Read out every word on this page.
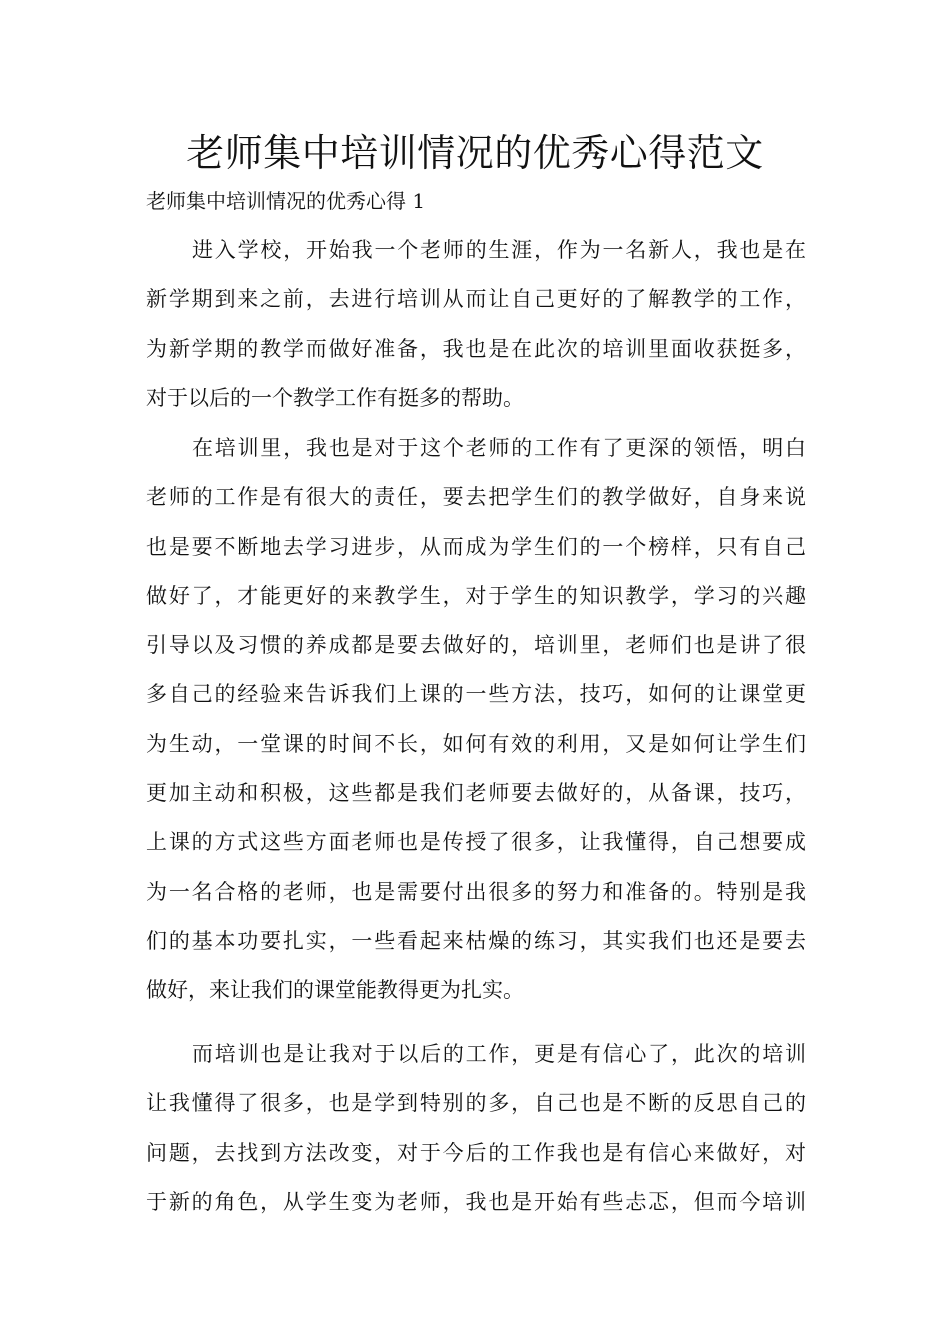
老师集中培训情况的优秀心得范文
老师集中培训情况的优秀心得 1
进入学校，开始我一个老师的生涯，作为一名新人，我也是在
新学期到来之前，去进行培训从而让自己更好的了解教学的工作，
为新学期的教学而做好准备，我也是在此次的培训里面收获挺多，
对于以后的一个教学工作有挺多的帮助。
在培训里，我也是对于这个老师的工作有了更深的领悟，明白
老师的工作是有很大的责任，要去把学生们的教学做好，自身来说
也是要不断地去学习进步，从而成为学生们的一个榜样，只有自己
做好了，才能更好的来教学生，对于学生的知识教学，学习的兴趣
引导以及习惯的养成都是要去做好的，培训里，老师们也是讲了很
多自己的经验来告诉我们上课的一些方法，技巧，如何的让课堂更
为生动，一堂课的时间不长，如何有效的利用，又是如何让学生们
更加主动和积极，这些都是我们老师要去做好的，从备课，技巧，
上课的方式这些方面老师也是传授了很多，让我懂得，自己想要成
为一名合格的老师，也是需要付出很多的努力和准备的。特别是我
们的基本功要扎实，一些看起来枯燥的练习，其实我们也还是要去
做好，来让我们的课堂能教得更为扎实。
而培训也是让我对于以后的工作，更是有信心了，此次的培训
让我懂得了很多，也是学到特别的多，自己也是不断的反思自己的
问题，去找到方法改变，对于今后的工作我也是有信心来做好，对
于新的角色，从学生变为老师，我也是开始有些忐忑，但而今培训
